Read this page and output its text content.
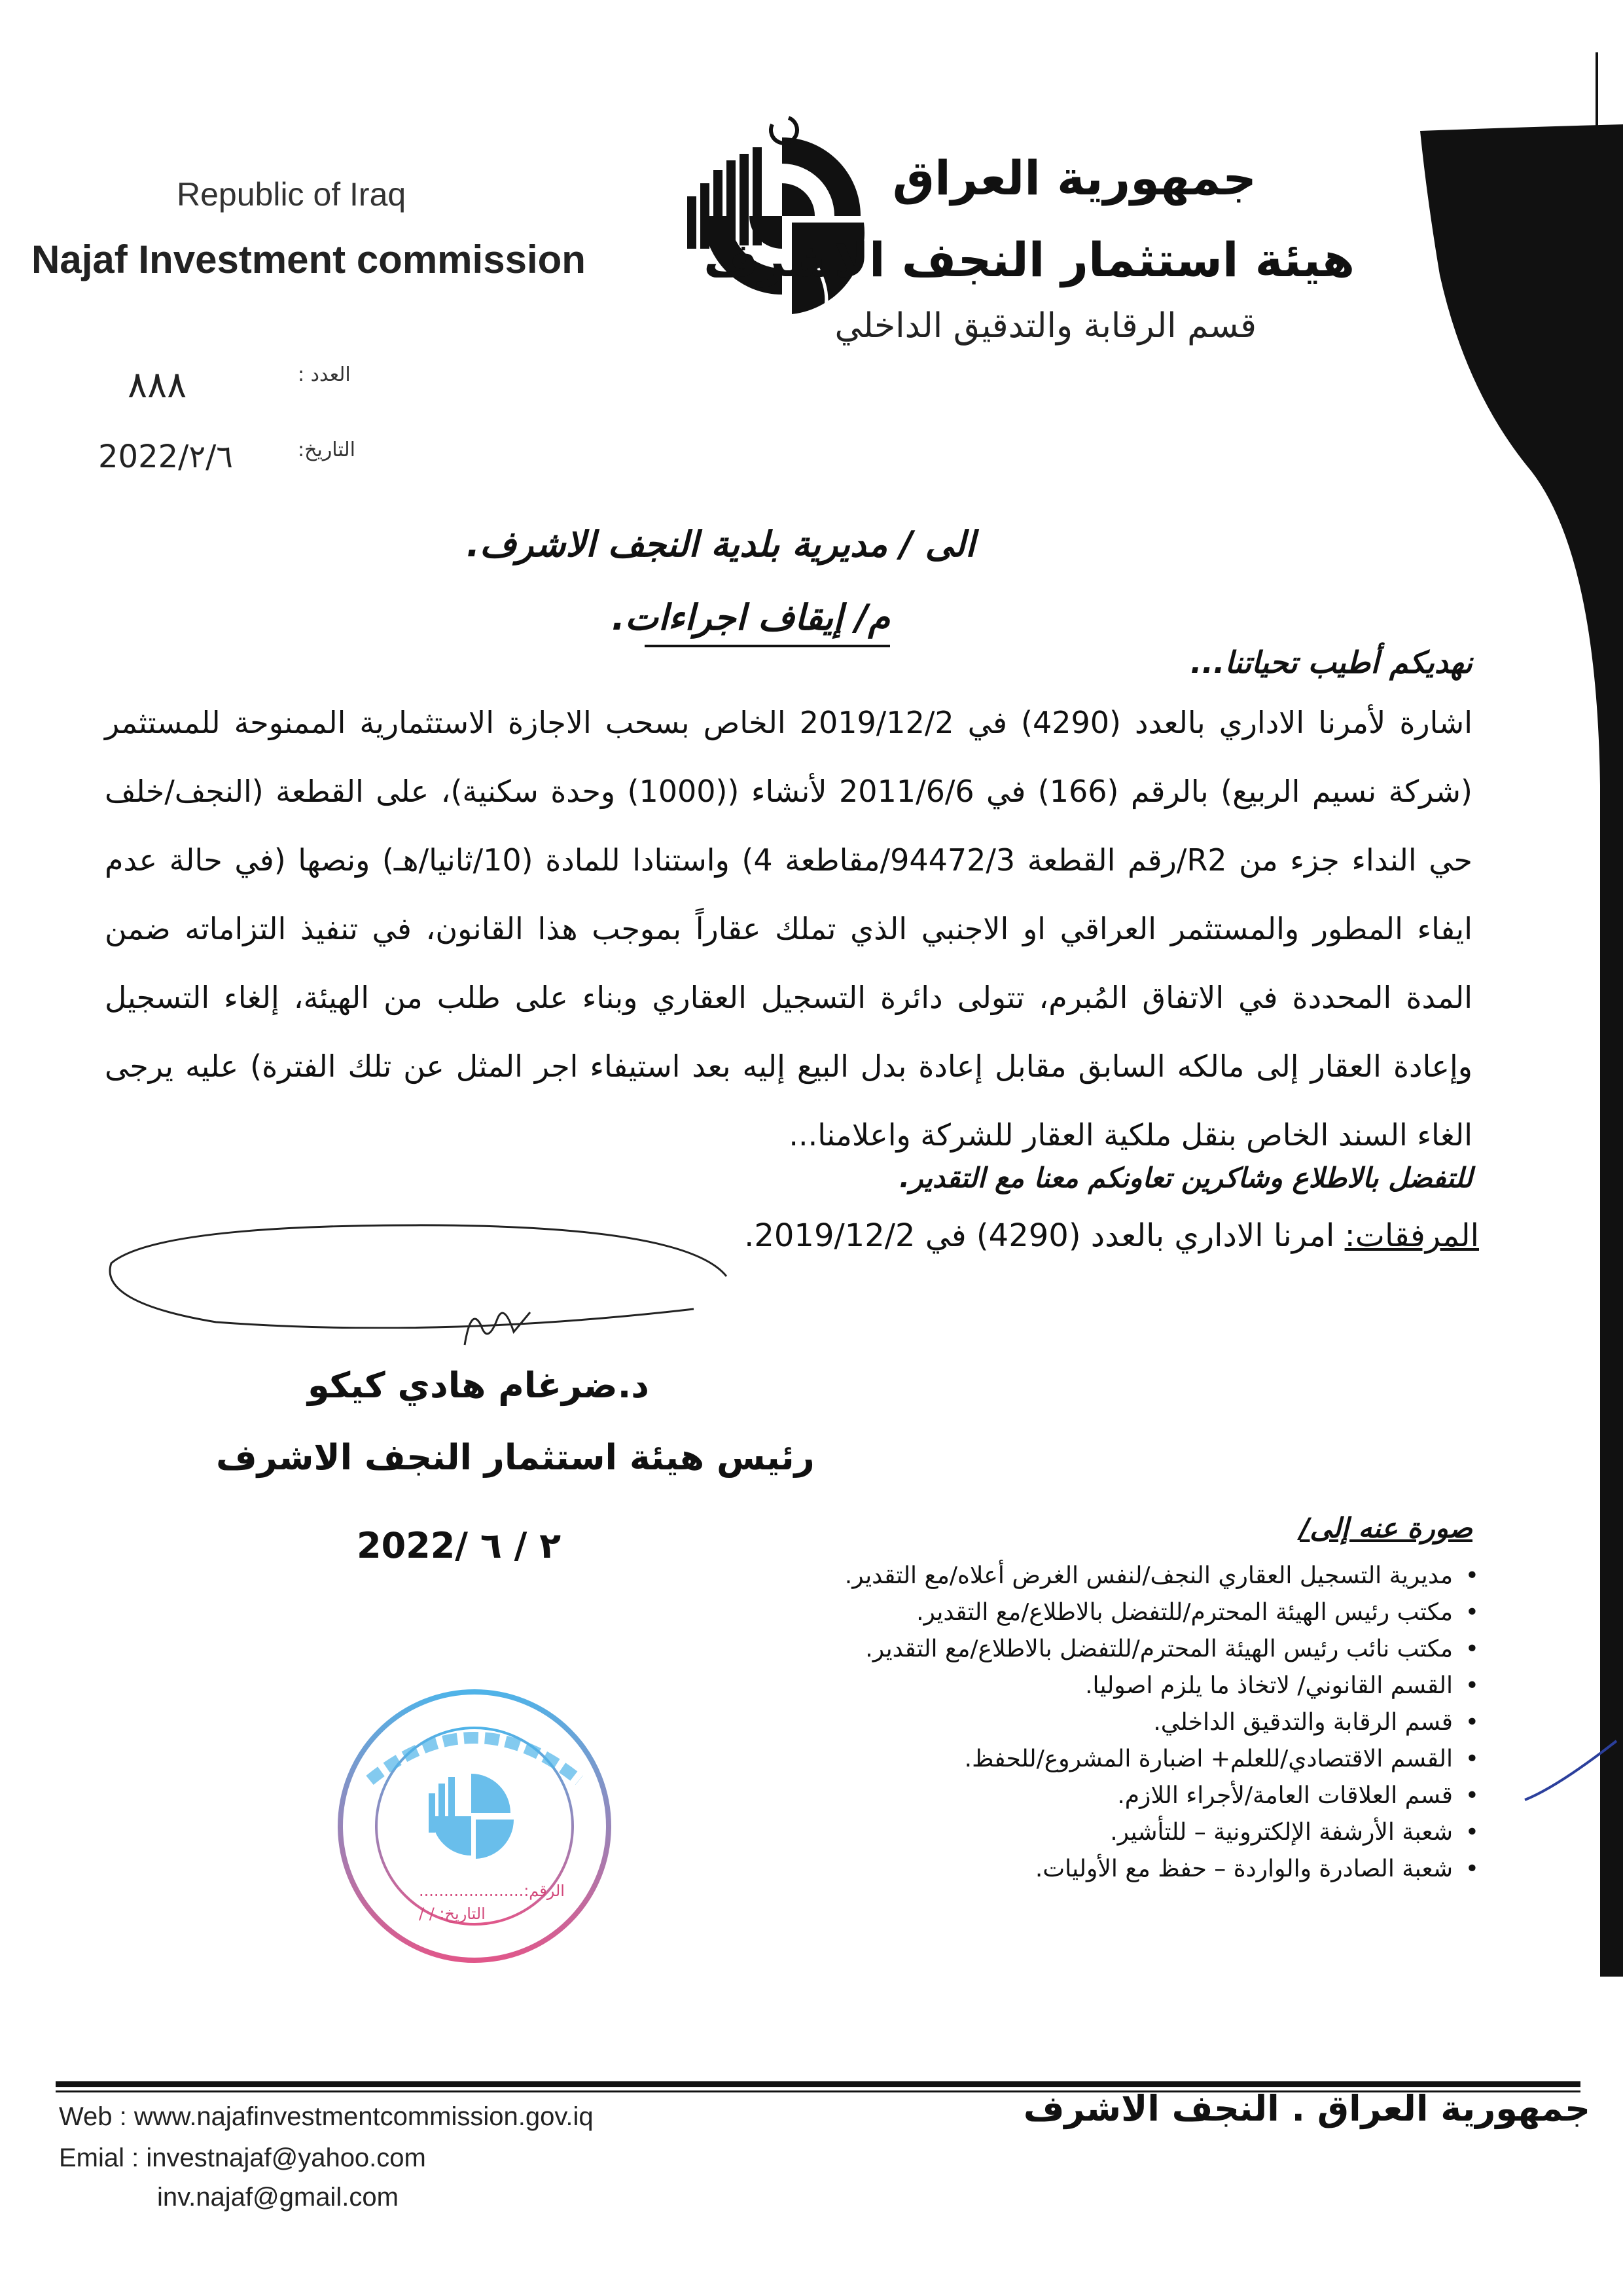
Republic of Iraq
Najaf Investment commission
جمهورية العراق
هيئة استثمار النجف الاشرف
قسم الرقابة والتدقيق الداخلي
العدد :
٨٨٨
التاريخ:
2022/٢/٦
الى / مديرية بلدية النجف الاشرف.
م/ إيقاف اجراءات.
نهديكم أطيب تحياتنا...
اشارة لأمرنا الاداري بالعدد (4290) في 2019/12/2 الخاص بسحب الاجازة الاستثمارية الممنوحة للمستثمر (شركة نسيم الربيع) بالرقم (166) في 2011/6/6 لأنشاء ((1000) وحدة سكنية)، على القطعة (النجف/خلف حي النداء جزء من R2/رقم القطعة 94472/3/مقاطعة 4) واستنادا للمادة (10/ثانيا/هـ) ونصها (في حالة عدم ايفاء المطور والمستثمر العراقي او الاجنبي الذي تملك عقاراً بموجب هذا القانون، في تنفيذ التزاماته ضمن المدة المحددة في الاتفاق المُبرم، تتولى دائرة التسجيل العقاري وبناء على طلب من الهيئة، إلغاء التسجيل وإعادة العقار إلى مالكه السابق مقابل إعادة بدل البيع إليه بعد استيفاء اجر المثل عن تلك الفترة) عليه يرجى الغاء السند الخاص بنقل ملكية العقار للشركة واعلامنا...
للتفضل بالاطلاع وشاكرين تعاونكم معنا مع التقدير.
المرفقات: امرنا الاداري بالعدد (4290) في 2019/12/2.
د.ضرغام هادي كيكو
رئيس هيئة استثمار النجف الاشرف
2022/ ٢ / ٦	صورة عنه إلى/
• مديرية التسجيل العقاري النجف/لنفس الغرض أعلاه/مع التقدير.
• مكتب رئيس الهيئة المحترم/للتفضل بالاطلاع/مع التقدير.
• مكتب نائب رئيس الهيئة المحترم/للتفضل بالاطلاع/مع التقدير.
• القسم القانوني/ لاتخاذ ما يلزم اصوليا.
• قسم الرقابة والتدقيق الداخلي.
• القسم الاقتصادي/للعلم+ اضبارة المشروع/للحفظ.
• قسم العلاقات العامة/لأجراء اللازم.
• شعبة الأرشفة الإلكترونية – للتأشير.
• شعبة الصادرة والواردة – حفظ مع الأوليات.
الرقم:.....................
التاريخ: / /
جمهورية العراق . النجف الاشرف
Web : www.najafinvestmentcommission.gov.iq
Emial : investnajaf@yahoo.com
inv.najaf@gmail.com
